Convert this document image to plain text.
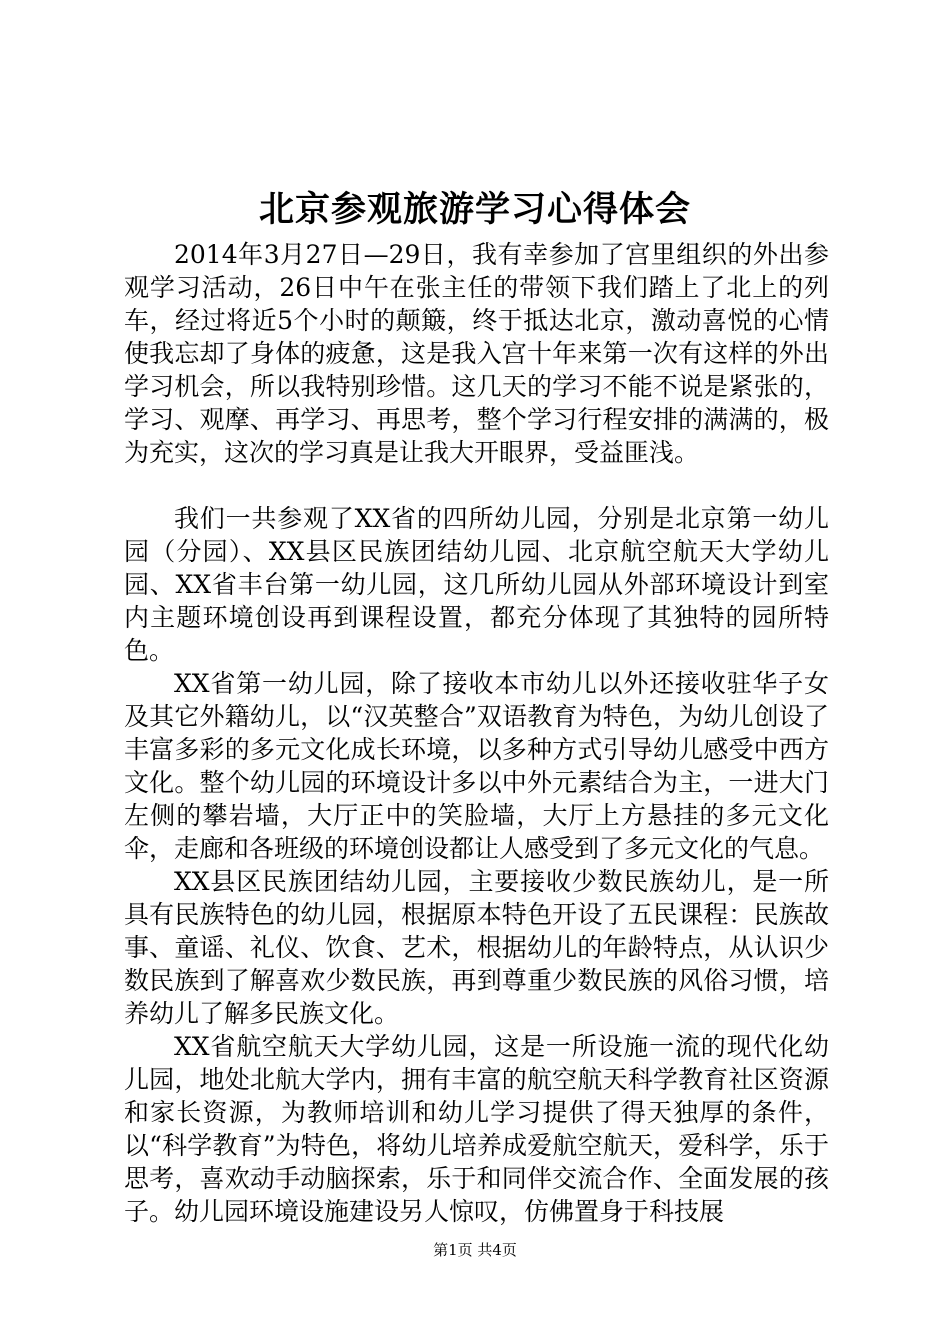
北京参观旅游学习心得体会

2014年3月27日—29日，我有幸参加了宫里组织的外出参观学习活动，26日中午在张主任的带领下我们踏上了北上的列车，经过将近5个小时的颠簸，终于抵达北京，激动喜悦的心情使我忘却了身体的疲惫，这是我入宫十年来第一次有这样的外出学习机会，所以我特别珍惜。这几天的学习不能不说是紧张的，学习、观摩、再学习、再思考，整个学习行程安排的满满的，极为充实，这次的学习真是让我大开眼界，受益匪浅。

我们一共参观了XX省的四所幼儿园，分别是北京第一幼儿园（分园）、XX县区民族团结幼儿园、北京航空航天大学幼儿园、XX省丰台第一幼儿园，这几所幼儿园从外部环境设计到室内主题环境创设再到课程设置，都充分体现了其独特的园所特色。

XX省第一幼儿园，除了接收本市幼儿以外还接收驻华子女及其它外籍幼儿，以“汉英整合”双语教育为特色，为幼儿创设了丰富多彩的多元文化成长环境，以多种方式引导幼儿感受中西方文化。整个幼儿园的环境设计多以中外元素结合为主，一进大门左侧的攀岩墙，大厅正中的笑脸墙，大厅上方悬挂的多元文化伞，走廊和各班级的环境创设都让人感受到了多元文化的气息。

XX县区民族团结幼儿园，主要接收少数民族幼儿，是一所具有民族特色的幼儿园，根据原本特色开设了五民课程：民族故事、童谣、礼仪、饮食、艺术，根据幼儿的年龄特点，从认识少数民族到了解喜欢少数民族，再到尊重少数民族的风俗习惯，培养幼儿了解多民族文化。

XX省航空航天大学幼儿园，这是一所设施一流的现代化幼儿园，地处北航大学内，拥有丰富的航空航天科学教育社区资源和家长资源，为教师培训和幼儿学习提供了得天独厚的条件，以“科学教育”为特色，将幼儿培养成爱航空航天，爱科学，乐于思考，喜欢动手动脑探索，乐于和同伴交流合作、全面发展的孩子。幼儿园环境设施建设另人惊叹，仿佛置身于科技展

第1页 共4页
